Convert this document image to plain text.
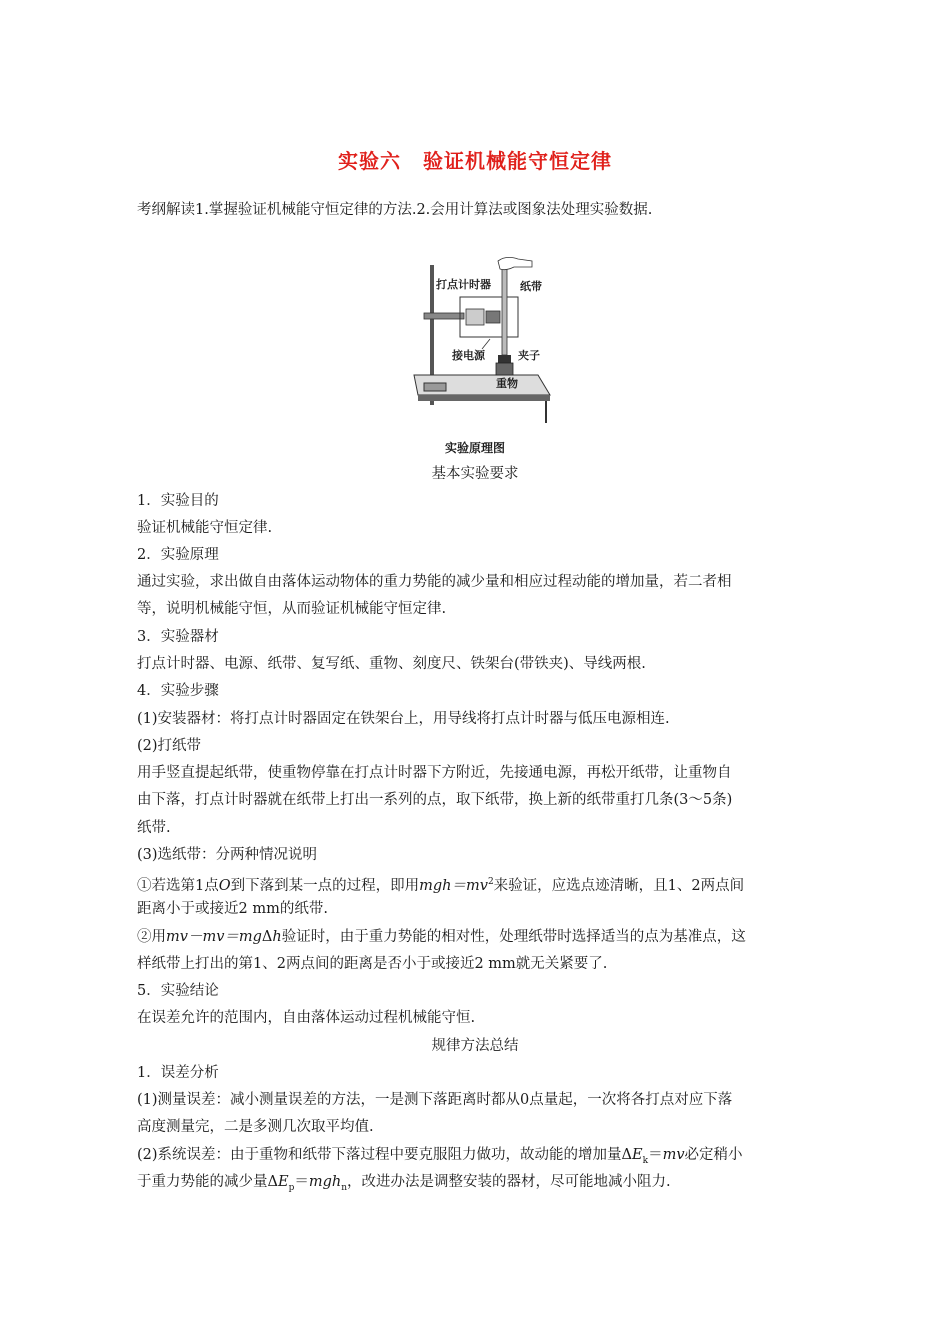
实验六 验证机械能守恒定律
考纲解读1.掌握验证机械能守恒定律的方法.2.会用计算法或图象法处理实验数据.
打点计时器	纸带
夹子
接电源
重物
实验原理图
基本实验要求
1．实验目的
验证机械能守恒定律.
2．实验原理
通过实验，求出做自由落体运动物体的重力势能的减少量和相应过程动能的增加量，若二者相
等，说明机械能守恒，从而验证机械能守恒定律.
3．实验器材
打点计时器、电源、纸带、复写纸、重物、刻度尺、铁架台(带铁夹)、导线两根.
4．实验步骤
(1)安装器材：将打点计时器固定在铁架台上，用导线将打点计时器与低压电源相连.
(2)打纸带
用手竖直提起纸带，使重物停靠在打点计时器下方附近，先接通电源，再松开纸带，让重物自
由下落，打点计时器就在纸带上打出一系列的点，取下纸带，换上新的纸带重打几条(3～5条)
纸带.
(3)选纸带：分两种情况说明
①若选第1点O到下落到某一点的过程，即用$mgh=mv^2$来验证，应选点迹清晰，且1、2两点间
距离小于或接近2 mm的纸带.
②用mv－mv＝mgΔh验证时，由于重力势能的相对性，处理纸带时选择适当的点为基准点，这
样纸带上打出的第1、2两点间的距离是否小于或接近2 mm就无关紧要了.
5．实验结论
在误差允许的范围内，自由落体运动过程机械能守恒.
规律方法总结
1．误差分析
(1)测量误差：减小测量误差的方法，一是测下落距离时都从0点量起，一次将各打点对应下落
高度测量完，二是多测几次取平均值.
(2)系统误差：由于重物和纸带下落过程中要克服阻力做功，故动能的增加量$\Delta E_k=mv$必定稍小
于重力势能的减少量$\Delta E_p=mgh_n$，改进办法是调整安装的器材，尽可能地减小阻力.
